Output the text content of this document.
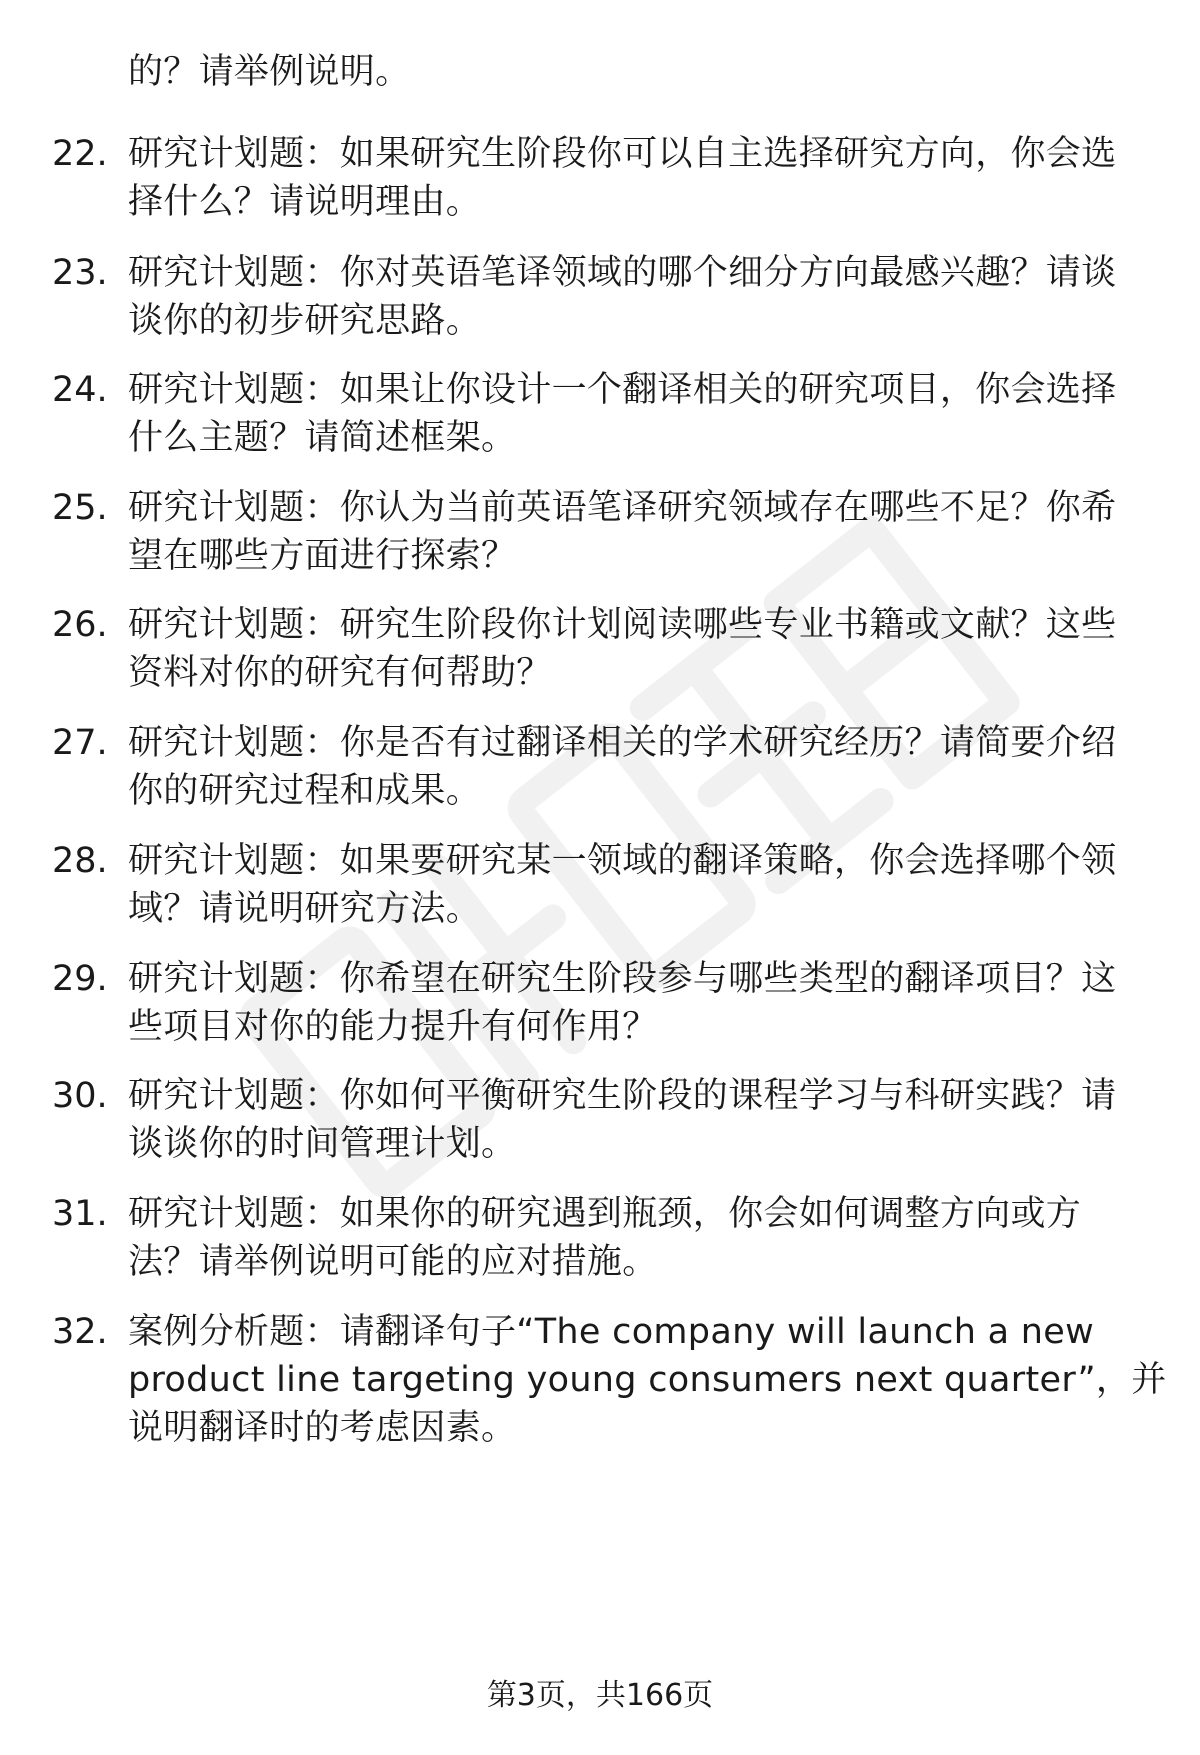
的？请举例说明。
22. 研究计划题：如果研究生阶段你可以自主选择研究方向，你会选
择什么？请说明理由。
23. 研究计划题：你对英语笔译领域的哪个细分方向最感兴趣？请谈
谈你的初步研究思路。
24. 研究计划题：如果让你设计一个翻译相关的研究项目，你会选择
什么主题？请简述框架。
25. 研究计划题：你认为当前英语笔译研究领域存在哪些不足？你希
望在哪些方面进行探索？
26. 研究计划题：研究生阶段你计划阅读哪些专业书籍或文献？这些
资料对你的研究有何帮助？
27. 研究计划题：你是否有过翻译相关的学术研究经历？请简要介绍
你的研究过程和成果。
28. 研究计划题：如果要研究某一领域的翻译策略，你会选择哪个领
域？请说明研究方法。
29. 研究计划题：你希望在研究生阶段参与哪些类型的翻译项目？这
些项目对你的能力提升有何作用？
30. 研究计划题：你如何平衡研究生阶段的课程学习与科研实践？请
谈谈你的时间管理计划。
31. 研究计划题：如果你的研究遇到瓶颈，你会如何调整方向或方
法？请举例说明可能的应对措施。
32. 案例分析题：请翻译句子“The company will launch a new
product line targeting young consumers next quarter”，并
说明翻译时的考虑因素。
第3页，共166页
